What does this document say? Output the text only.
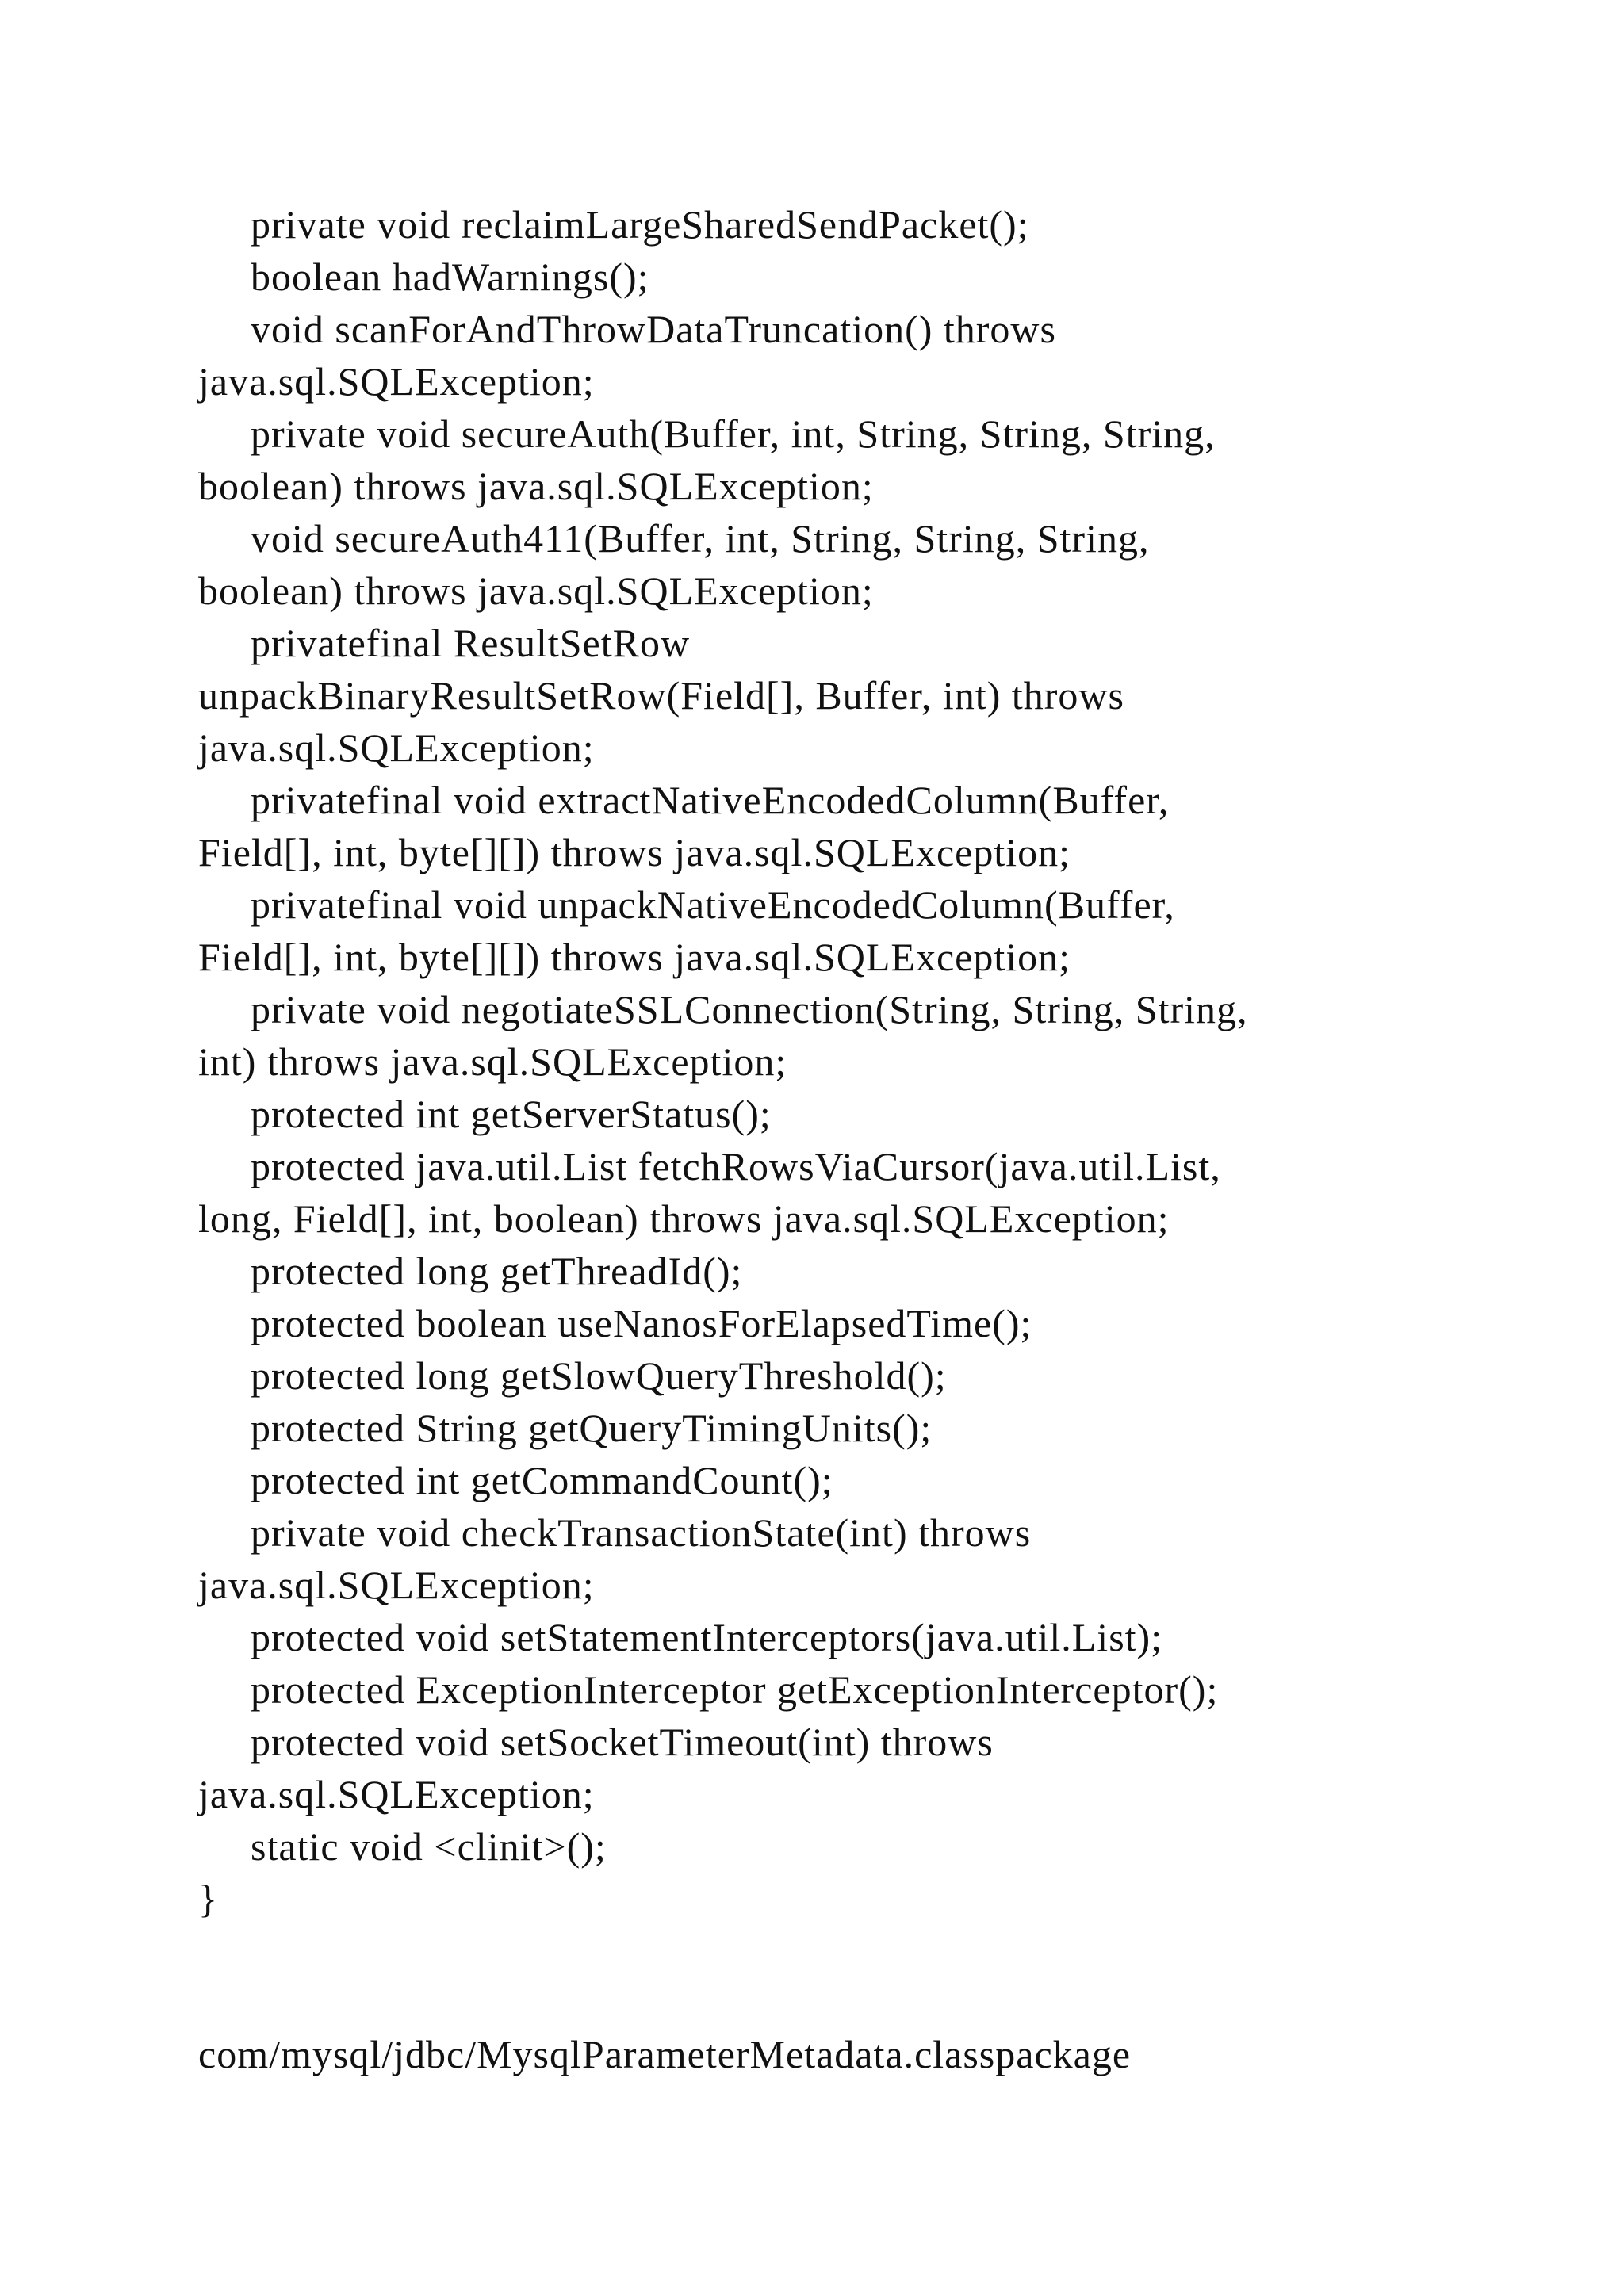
private void reclaimLargeSharedSendPacket();
boolean hadWarnings();
void scanForAndThrowDataTruncation() throws
java.sql.SQLException;
private void secureAuth(Buffer, int, String, String, String,
boolean) throws java.sql.SQLException;
void secureAuth411(Buffer, int, String, String, String,
boolean) throws java.sql.SQLException;
privatefinal ResultSetRow
unpackBinaryResultSetRow(Field[], Buffer, int) throws
java.sql.SQLException;
privatefinal void extractNativeEncodedColumn(Buffer,
Field[], int, byte[][]) throws java.sql.SQLException;
privatefinal void unpackNativeEncodedColumn(Buffer,
Field[], int, byte[][]) throws java.sql.SQLException;
private void negotiateSSLConnection(String, String, String,
int) throws java.sql.SQLException;
protected int getServerStatus();
protected java.util.List fetchRowsViaCursor(java.util.List,
long, Field[], int, boolean) throws java.sql.SQLException;
protected long getThreadId();
protected boolean useNanosForElapsedTime();
protected long getSlowQueryThreshold();
protected String getQueryTimingUnits();
protected int getCommandCount();
private void checkTransactionState(int) throws
java.sql.SQLException;
protected void setStatementInterceptors(java.util.List);
protected ExceptionInterceptor getExceptionInterceptor();
protected void setSocketTimeout(int) throws
java.sql.SQLException;
static void <clinit>();
}
com/mysql/jdbc/MysqlParameterMetadata.classpackage
